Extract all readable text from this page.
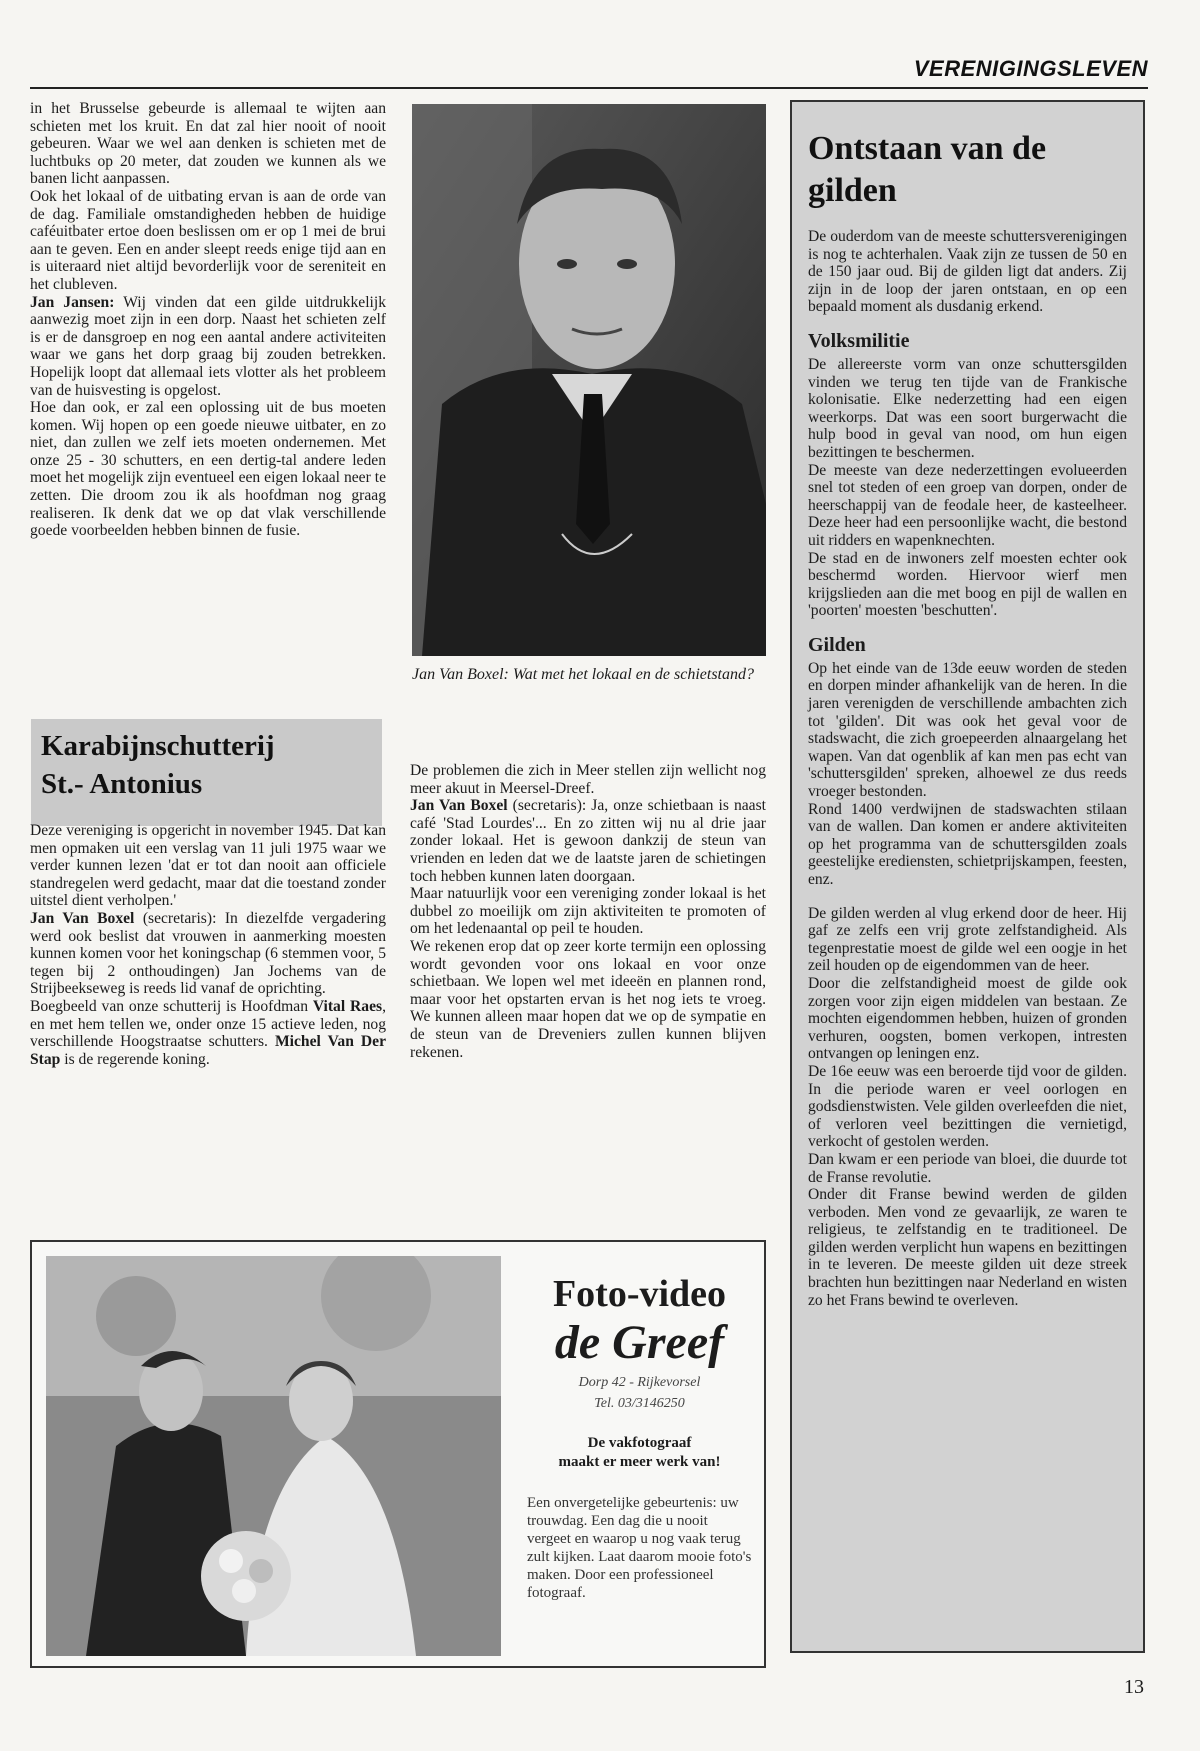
VERENIGINGSLEVEN

in het Brusselse gebeurde is allemaal te wijten aan schieten met los kruit. En dat zal hier nooit of nooit gebeuren. Waar we wel aan denken is schieten met de luchtbuks op 20 meter, dat zouden we kunnen als we banen licht aanpassen.

Ook het lokaal of de uitbating ervan is aan de orde van de dag. Familiale omstandigheden hebben de huidige caféuitbater ertoe doen beslissen om er op 1 mei de brui aan te geven. Een en ander sleept reeds enige tijd aan en is uiteraard niet altijd bevorderlijk voor de sereniteit en het clubleven.

Jan Jansen: Wij vinden dat een gilde uitdrukkelijk aanwezig moet zijn in een dorp. Naast het schieten zelf is er de dansgroep en nog een aantal andere activiteiten waar we gans het dorp graag bij zouden betrekken. Hopelijk loopt dat allemaal iets vlotter als het probleem van de huisvesting is opgelost.

Hoe dan ook, er zal een oplossing uit de bus moeten komen. Wij hopen op een goede nieuwe uitbater, en zo niet, dan zullen we zelf iets moeten ondernemen. Met onze 25 - 30 schutters, en een dertig-tal andere leden moet het mogelijk zijn eventueel een eigen lokaal neer te zetten. Die droom zou ik als hoofdman nog graag realiseren. Ik denk dat we op dat vlak verschillende goede voorbeelden hebben binnen de fusie.

Karabijnschutterij
St.- Antonius

Deze vereniging is opgericht in november 1945. Dat kan men opmaken uit een verslag van 11 juli 1975 waar we verder kunnen lezen 'dat er tot dan nooit aan officiele standregelen werd gedacht, maar dat die toestand zonder uitstel dient verholpen.'

Jan Van Boxel (secretaris): In diezelfde vergadering werd ook beslist dat vrouwen in aanmerking moesten kunnen komen voor het koningschap (6 stemmen voor, 5 tegen bij 2 onthoudingen) Jan Jochems van de Strijbeekseweg is reeds lid vanaf de oprichting.

Boegbeeld van onze schutterij is Hoofdman Vital Raes, en met hem tellen we, onder onze 15 actieve leden, nog verschillende Hoogstraatse schutters. Michel Van Der Stap is de regerende koning.

Jan Van Boxel: Wat met het lokaal en de schietstand?

De problemen die zich in Meer stellen zijn wellicht nog meer akuut in Meersel-Dreef.

Jan Van Boxel (secretaris): Ja, onze schietbaan is naast café 'Stad Lourdes'... En zo zitten wij nu al drie jaar zonder lokaal. Het is gewoon dankzij de steun van vrienden en leden dat we de laatste jaren de schietingen toch hebben kunnen laten doorgaan.

Maar natuurlijk voor een vereniging zonder lokaal is het dubbel zo moeilijk om zijn aktiviteiten te promoten of om het ledenaantal op peil te houden.

We rekenen erop dat op zeer korte termijn een oplossing wordt gevonden voor ons lokaal en voor onze schietbaan. We lopen wel met ideeën en plannen rond, maar voor het opstarten ervan is het nog iets te vroeg. We kunnen alleen maar hopen dat we op de sympatie en de steun van de Dreveniers zullen kunnen blijven rekenen.

Ontstaan van de gilden

De ouderdom van de meeste schuttersverenigingen is nog te achterhalen. Vaak zijn ze tussen de 50 en de 150 jaar oud. Bij de gilden ligt dat anders. Zij zijn in de loop der jaren ontstaan, en op een bepaald moment als dusdanig erkend.

Volksmilitie

De allereerste vorm van onze schuttersgilden vinden we terug ten tijde van de Frankische kolonisatie. Elke nederzetting had een eigen weerkorps. Dat was een soort burgerwacht die hulp bood in geval van nood, om hun eigen bezittingen te beschermen.

De meeste van deze nederzettingen evolueerden snel tot steden of een groep van dorpen, onder de heerschappij van de feodale heer, de kasteelheer. Deze heer had een persoonlijke wacht, die bestond uit ridders en wapenknechten.

De stad en de inwoners zelf moesten echter ook beschermd worden. Hiervoor wierf men krijgslieden aan die met boog en pijl de wallen en 'poorten' moesten 'beschutten'.

Gilden

Op het einde van de 13de eeuw worden de steden en dorpen minder afhankelijk van de heren. In die jaren verenigden de verschillende ambachten zich tot 'gilden'. Dit was ook het geval voor de stadswacht, die zich groepeerden alnaargelang het wapen. Van dat ogenblik af kan men pas echt van 'schuttersgilden' spreken, alhoewel ze dus reeds vroeger bestonden.

Rond 1400 verdwijnen de stadswachten stilaan van de wallen. Dan komen er andere aktiviteiten op het programma van de schuttersgilden zoals geestelijke erediensten, schietprijskampen, feesten, enz.

De gilden werden al vlug erkend door de heer. Hij gaf ze zelfs een vrij grote zelfstandigheid. Als tegenprestatie moest de gilde wel een oogje in het zeil houden op de eigendommen van de heer.

Door die zelfstandigheid moest de gilde ook zorgen voor zijn eigen middelen van bestaan. Ze mochten eigendommen hebben, huizen of gronden verhuren, oogsten, bomen verkopen, intresten ontvangen op leningen enz.

De 16e eeuw was een beroerde tijd voor de gilden. In die periode waren er veel oorlogen en godsdienstwisten. Vele gilden overleefden die niet, of verloren veel bezittingen die vernietigd, verkocht of gestolen werden.

Dan kwam er een periode van bloei, die duurde tot de Franse revolutie.

Onder dit Franse bewind werden de gilden verboden. Men vond ze gevaarlijk, ze waren te religieus, te zelfstandig en te traditioneel. De gilden werden verplicht hun wapens en bezittingen in te leveren. De meeste gilden uit deze streek brachten hun bezittingen naar Nederland en wisten zo het Frans bewind te overleven.

Foto-video
de Greef
Dorp 42 - Rijkevorsel
Tel. 03/3146250
De vakfotograaf
maakt er meer werk van!
Een onvergetelijke gebeurtenis: uw trouwdag. Een dag die u nooit vergeet en waarop u nog vaak terug zult kijken. Laat daarom mooie foto's maken. Door een professioneel fotograaf.
13
